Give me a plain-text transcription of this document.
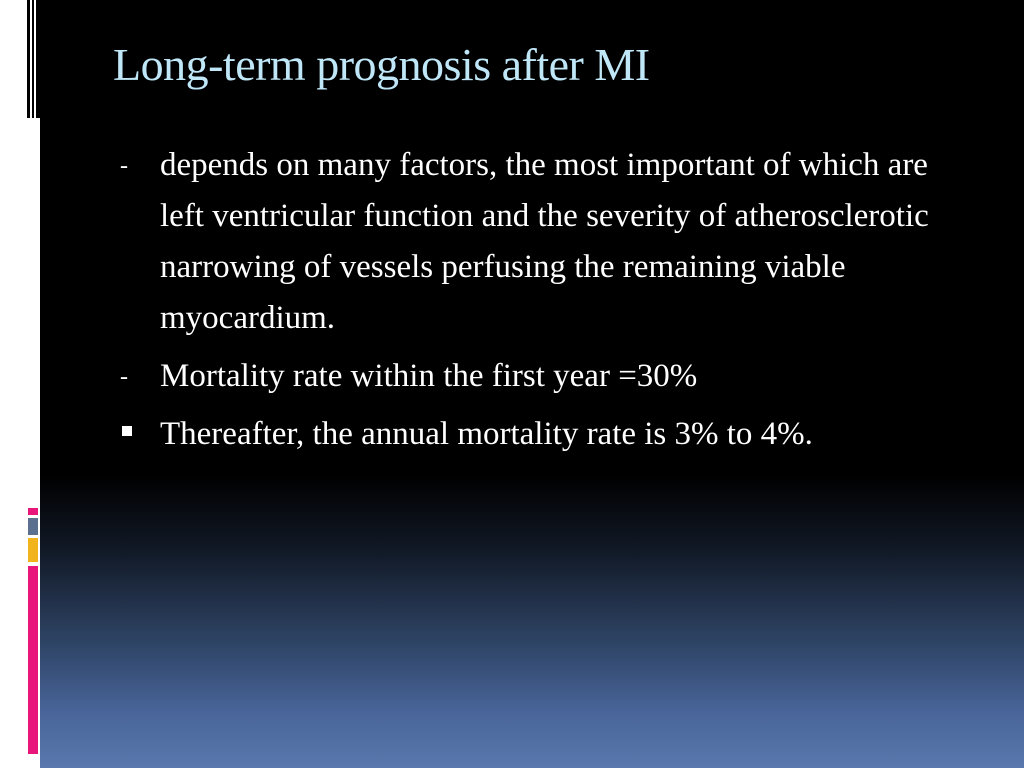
Long-term prognosis after MI
- depends on many factors, the most important of which are left ventricular function and the severity of atherosclerotic narrowing of vessels perfusing the remaining viable myocardium.
- Mortality rate within the first year =30%
Thereafter, the annual mortality rate is 3% to 4%.
